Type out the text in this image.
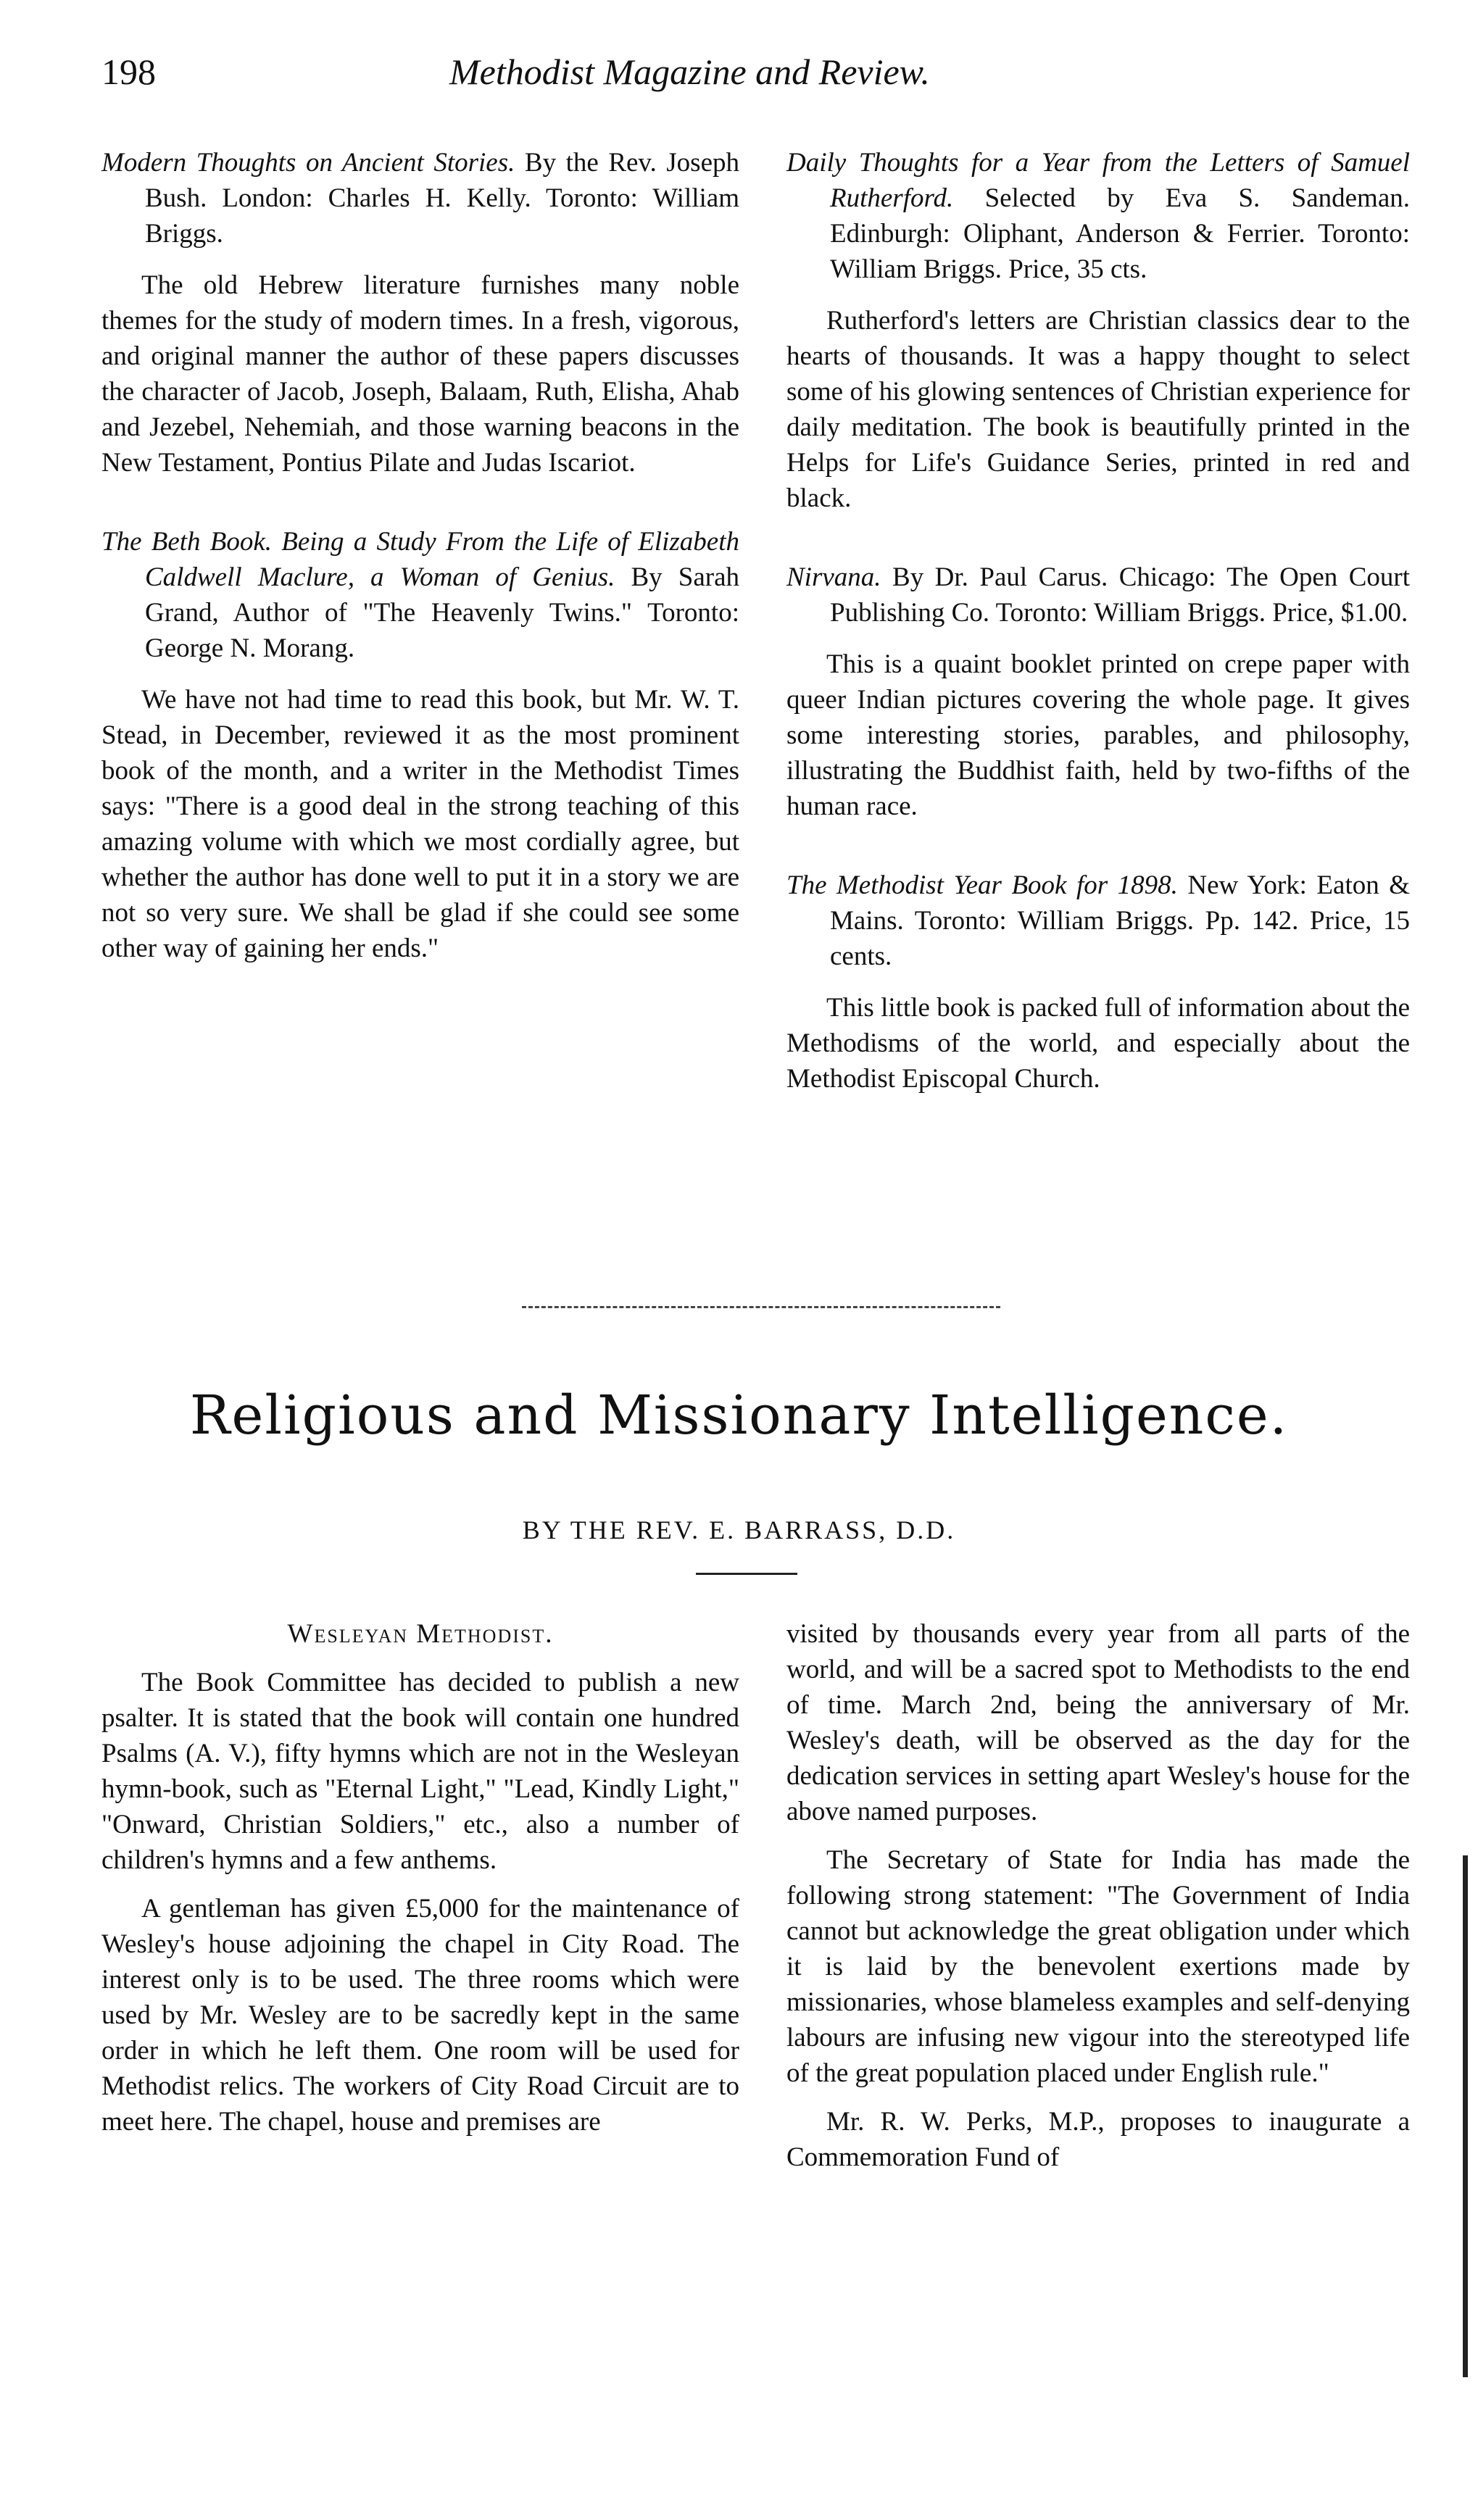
198	Methodist Magazine and Review.

Modern Thoughts on Ancient Stories. By the Rev. Joseph Bush. London: Charles H. Kelly. Toronto: William Briggs.

The old Hebrew literature furnishes many noble themes for the study of modern times. In a fresh, vigorous, and original manner the author of these papers discusses the character of Jacob, Joseph, Balaam, Ruth, Elisha, Ahab and Jezebel, Nehemiah, and those warning beacons in the New Testament, Pontius Pilate and Judas Iscariot.

The Beth Book. Being a Study From the Life of Elizabeth Caldwell Maclure, a Woman of Genius. By Sarah Grand, Author of "The Heavenly Twins." Toronto: George N. Morang.

We have not had time to read this book, but Mr. W. T. Stead, in December, reviewed it as the most prominent book of the month, and a writer in the Methodist Times says: "There is a good deal in the strong teaching of this amazing volume with which we most cordially agree, but whether the author has done well to put it in a story we are not so very sure. We shall be glad if she could see some other way of gaining her ends."

Daily Thoughts for a Year from the Letters of Samuel Rutherford. Selected by Eva S. Sandeman. Edinburgh: Oliphant, Anderson & Ferrier. Toronto: William Briggs. Price, 35 cts.

Rutherford's letters are Christian classics dear to the hearts of thousands. It was a happy thought to select some of his glowing sentences of Christian experience for daily meditation. The book is beautifully printed in the Helps for Life's Guidance Series, printed in red and black.

Nirvana. By Dr. Paul Carus. Chicago: The Open Court Publishing Co. Toronto: William Briggs. Price, $1.00.

This is a quaint booklet printed on crepe paper with queer Indian pictures covering the whole page. It gives some interesting stories, parables, and philosophy, illustrating the Buddhist faith, held by two-fifths of the human race.

The Methodist Year Book for 1898. New York: Eaton & Mains. Toronto: William Briggs. Pp. 142. Price, 15 cents.

This little book is packed full of information about the Methodisms of the world, and especially about the Methodist Episcopal Church.

Religious and Missionary Intelligence.
BY THE REV. E. BARRASS, D.D.

Wesleyan Methodist.

The Book Committee has decided to publish a new psalter. It is stated that the book will contain one hundred Psalms (A. V.), fifty hymns which are not in the Wesleyan hymn-book, such as "Eternal Light," "Lead, Kindly Light," "Onward, Christian Soldiers," etc., also a number of children's hymns and a few anthems.

A gentleman has given £5,000 for the maintenance of Wesley's house adjoining the chapel in City Road. The interest only is to be used. The three rooms which were used by Mr. Wesley are to be sacredly kept in the same order in which he left them. One room will be used for Methodist relics. The workers of City Road Circuit are to meet here. The chapel, house and premises are

visited by thousands every year from all parts of the world, and will be a sacred spot to Methodists to the end of time. March 2nd, being the anniversary of Mr. Wesley's death, will be observed as the day for the dedication services in setting apart Wesley's house for the above named purposes.

The Secretary of State for India has made the following strong statement: "The Government of India cannot but acknowledge the great obligation under which it is laid by the benevolent exertions made by missionaries, whose blameless examples and self-denying labours are infusing new vigour into the stereotyped life of the great population placed under English rule."

Mr. R. W. Perks, M.P., proposes to inaugurate a Commemoration Fund of
